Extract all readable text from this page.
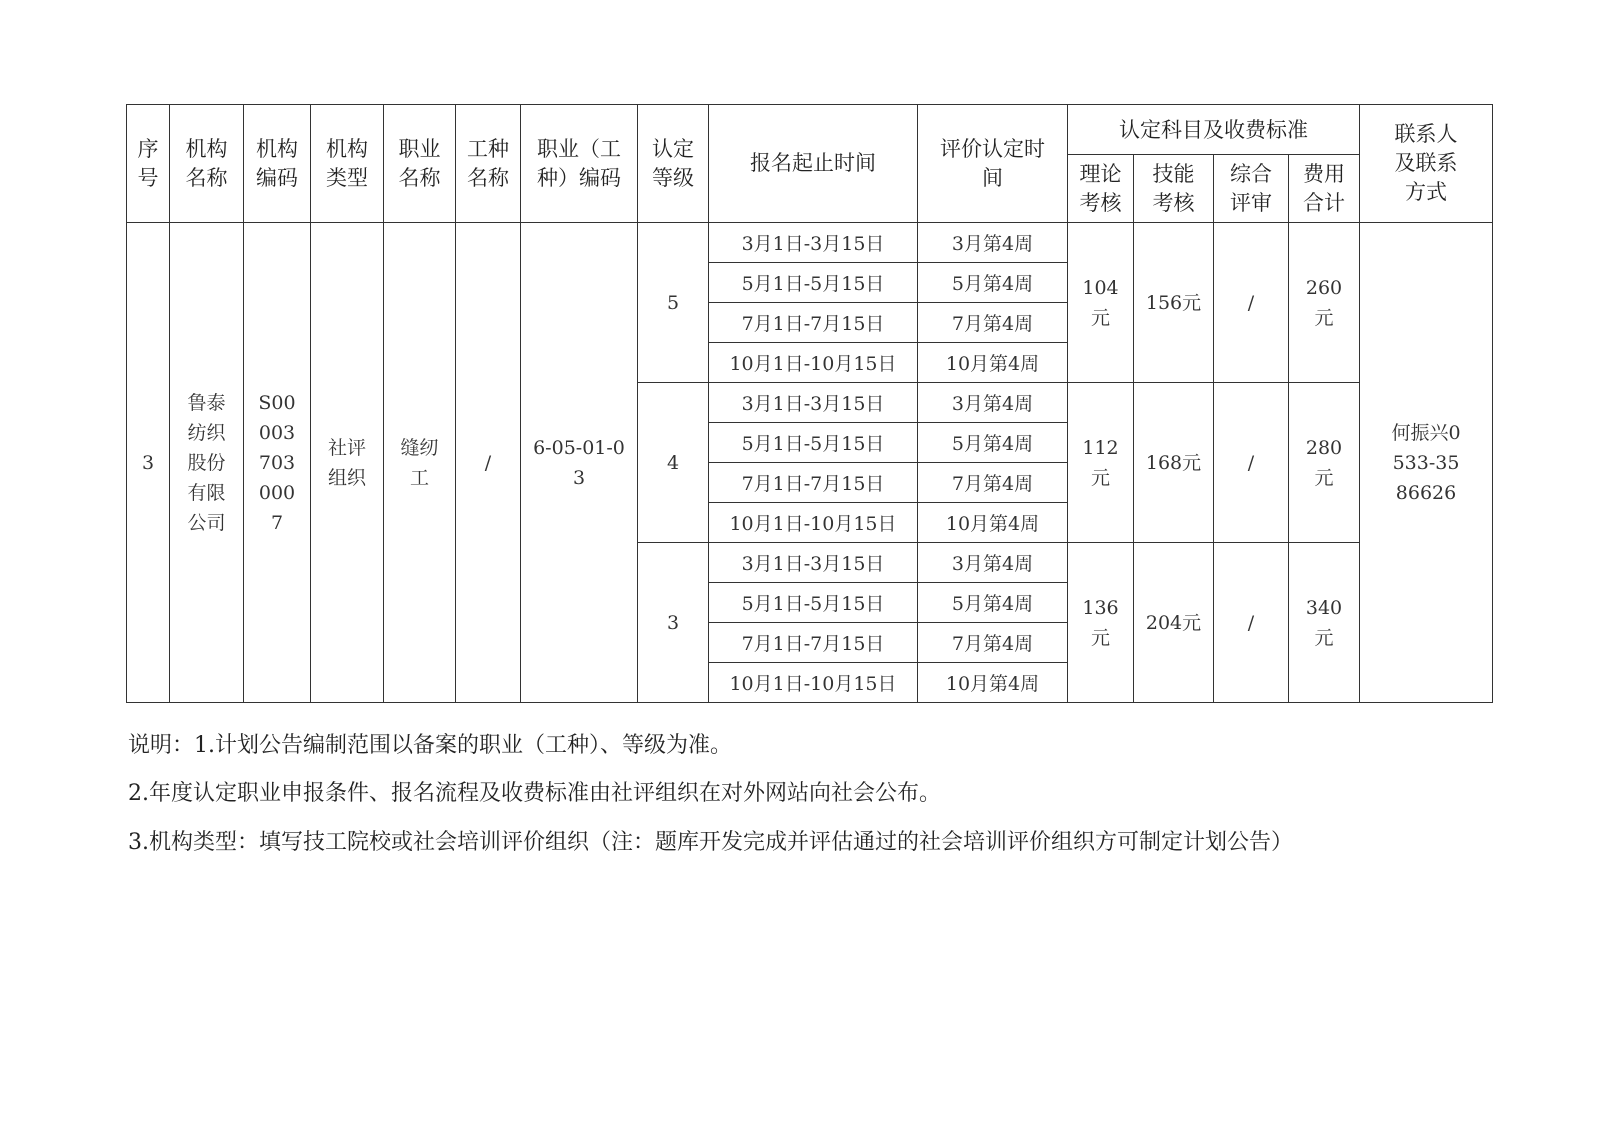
序号	机构名称	机构编码	机构类型	职业名称	工种名称	职业（工种）编码	认定等级	报名起止时间	评价认定时间	认定科目及收费标准				联系人及联系方式
										理论考核	技能考核	综合评审	费用合计	
3	鲁泰纺织股份有限公司	S000037030007	社评组织	缝纫工	/	6-05-01-03	5	3月1日-3月15日	3月第4周	104元	156元	/	260元	何振兴0533-3586626
								5月1日-5月15日	5月第4周					
								7月1日-7月15日	7月第4周					
								10月1日-10月15日	10月第4周					
							4	3月1日-3月15日	3月第4周	112元	168元	/	280元	
								5月1日-5月15日	5月第4周					
								7月1日-7月15日	7月第4周					
								10月1日-10月15日	10月第4周					
							3	3月1日-3月15日	3月第4周	136元	204元	/	340元	
								5月1日-5月15日	5月第4周					
								7月1日-7月15日	7月第4周					
								10月1日-10月15日	10月第4周					

说明：1.计划公告编制范围以备案的职业（工种）、等级为准。

2.年度认定职业申报条件、报名流程及收费标准由社评组织在对外网站向社会公布。

3.机构类型：填写技工院校或社会培训评价组织（注：题库开发完成并评估通过的社会培训评价组织方可制定计划公告）
